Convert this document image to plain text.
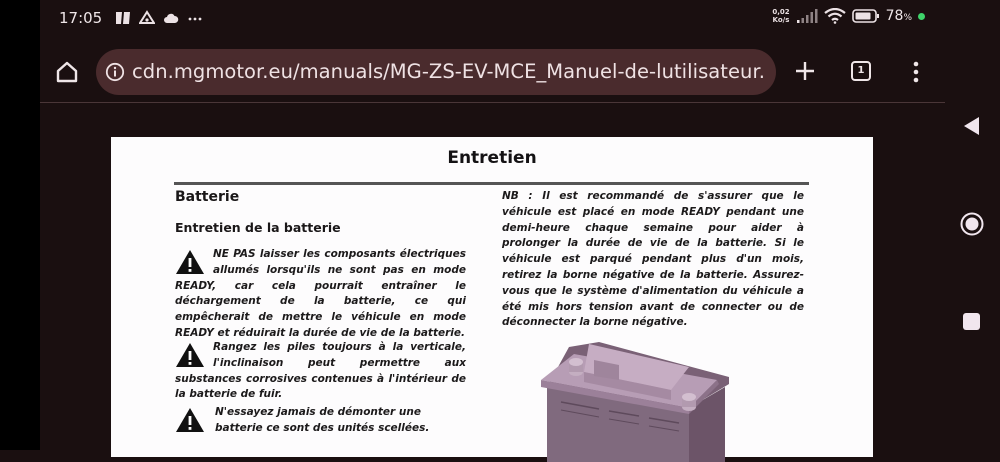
17:05	0,02
Ko/s	78%
cdn.mgmotor.eu/manuals/MG-ZS-EV-MCE_Manuel-de-lutilisateur.	1
Entretien
Batterie
Entretien de la batterie
NE PAS laisser les composants électriques allumés lorsqu'ils ne sont pas en mode READY, car cela pourrait entraîner le déchargement de la batterie, ce qui empêcherait de mettre le véhicule en mode READY et réduirait la durée de vie de la batterie.
Rangez les piles toujours à la verticale, l'inclinaison peut permettre aux substances corrosives contenues à l'intérieur de la batterie de fuir.
N'essayez jamais de démonter une batterie ce sont des unités scellées.
NB : Il est recommandé de s'assurer que le véhicule est placé en mode READY pendant une demi-heure chaque semaine pour aider à prolonger la durée de vie de la batterie. Si le véhicule est parqué pendant plus d'un mois, retirez la borne négative de la batterie. Assurez-vous que le système d'alimentation du véhicule a été mis hors tension avant de connecter ou de déconnecter la borne négative.
